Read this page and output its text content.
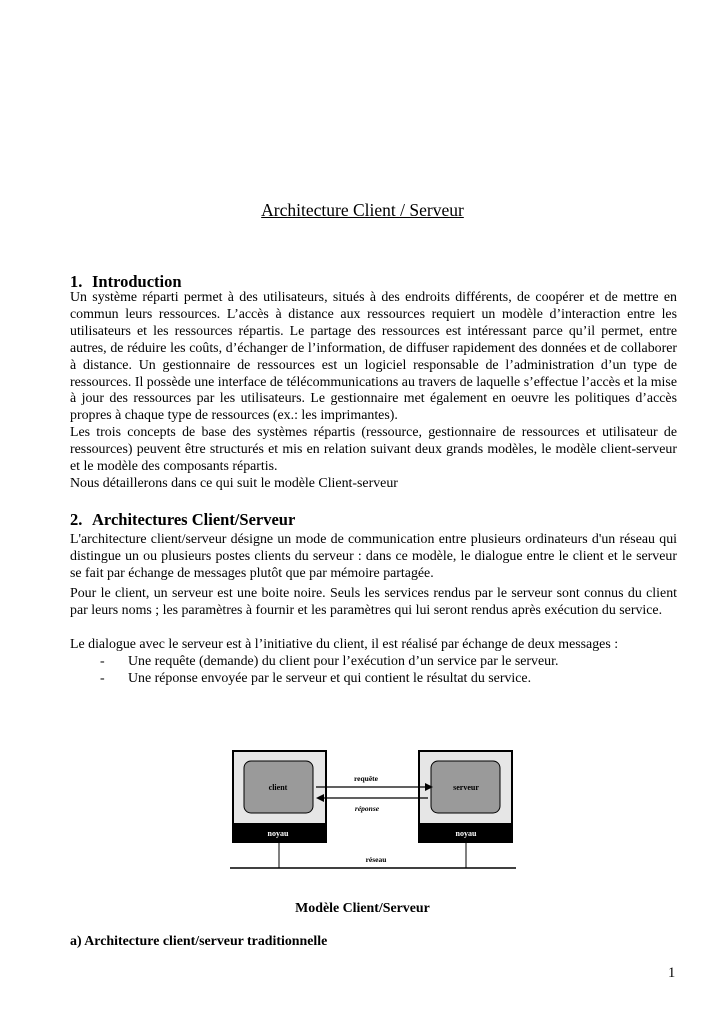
Architecture Client / Serveur
1. Introduction

Un système réparti permet à des utilisateurs, situés à des endroits différents, de coopérer et de mettre en commun leurs ressources. L’accès à distance aux ressources requiert un modèle d’interaction entre les utilisateurs et les ressources répartis. Le partage des ressources est intéressant parce qu’il permet, entre autres, de réduire les coûts, d’échanger de l’information, de diffuser rapidement des données et de collaborer à distance. Un gestionnaire de ressources est un logiciel responsable de l’administration d’un type de ressources. Il possède une interface de télécommunications au travers de laquelle s’effectue l’accès et la mise à jour des ressources par les utilisateurs. Le gestionnaire met également en oeuvre les politiques d’accès propres à chaque type de ressources (ex.: les imprimantes).

Les trois concepts de base des systèmes répartis (ressource, gestionnaire de ressources et utilisateur de ressources) peuvent être structurés et mis en relation suivant deux grands modèles, le modèle client-serveur et le modèle des composants répartis.

Nous détaillerons dans ce qui suit le modèle Client-serveur

2. Architectures Client/Serveur

L'architecture client/serveur désigne un mode de communication entre plusieurs ordinateurs d'un réseau qui distingue un ou plusieurs postes clients du serveur : dans ce modèle, le dialogue entre le client et le serveur se fait par échange de messages plutôt que par mémoire partagée.

Pour le client, un serveur est une boite noire. Seuls les services rendus par le serveur sont connus du client par leurs noms ; les paramètres à fournir et les paramètres qui lui seront rendus après exécution du service.

Le dialogue avec le serveur est à l’initiative du client, il est réalisé par échange de deux messages :

-	Une requête (demande) du client pour l’exécution d’un service par le serveur.
-	Une réponse envoyée par le serveur et qui contient le résultat du service.
client
noyau
serveur
noyau
requête
réponse
réseau
Modèle Client/Serveur
a) Architecture client/serveur traditionnelle
1
